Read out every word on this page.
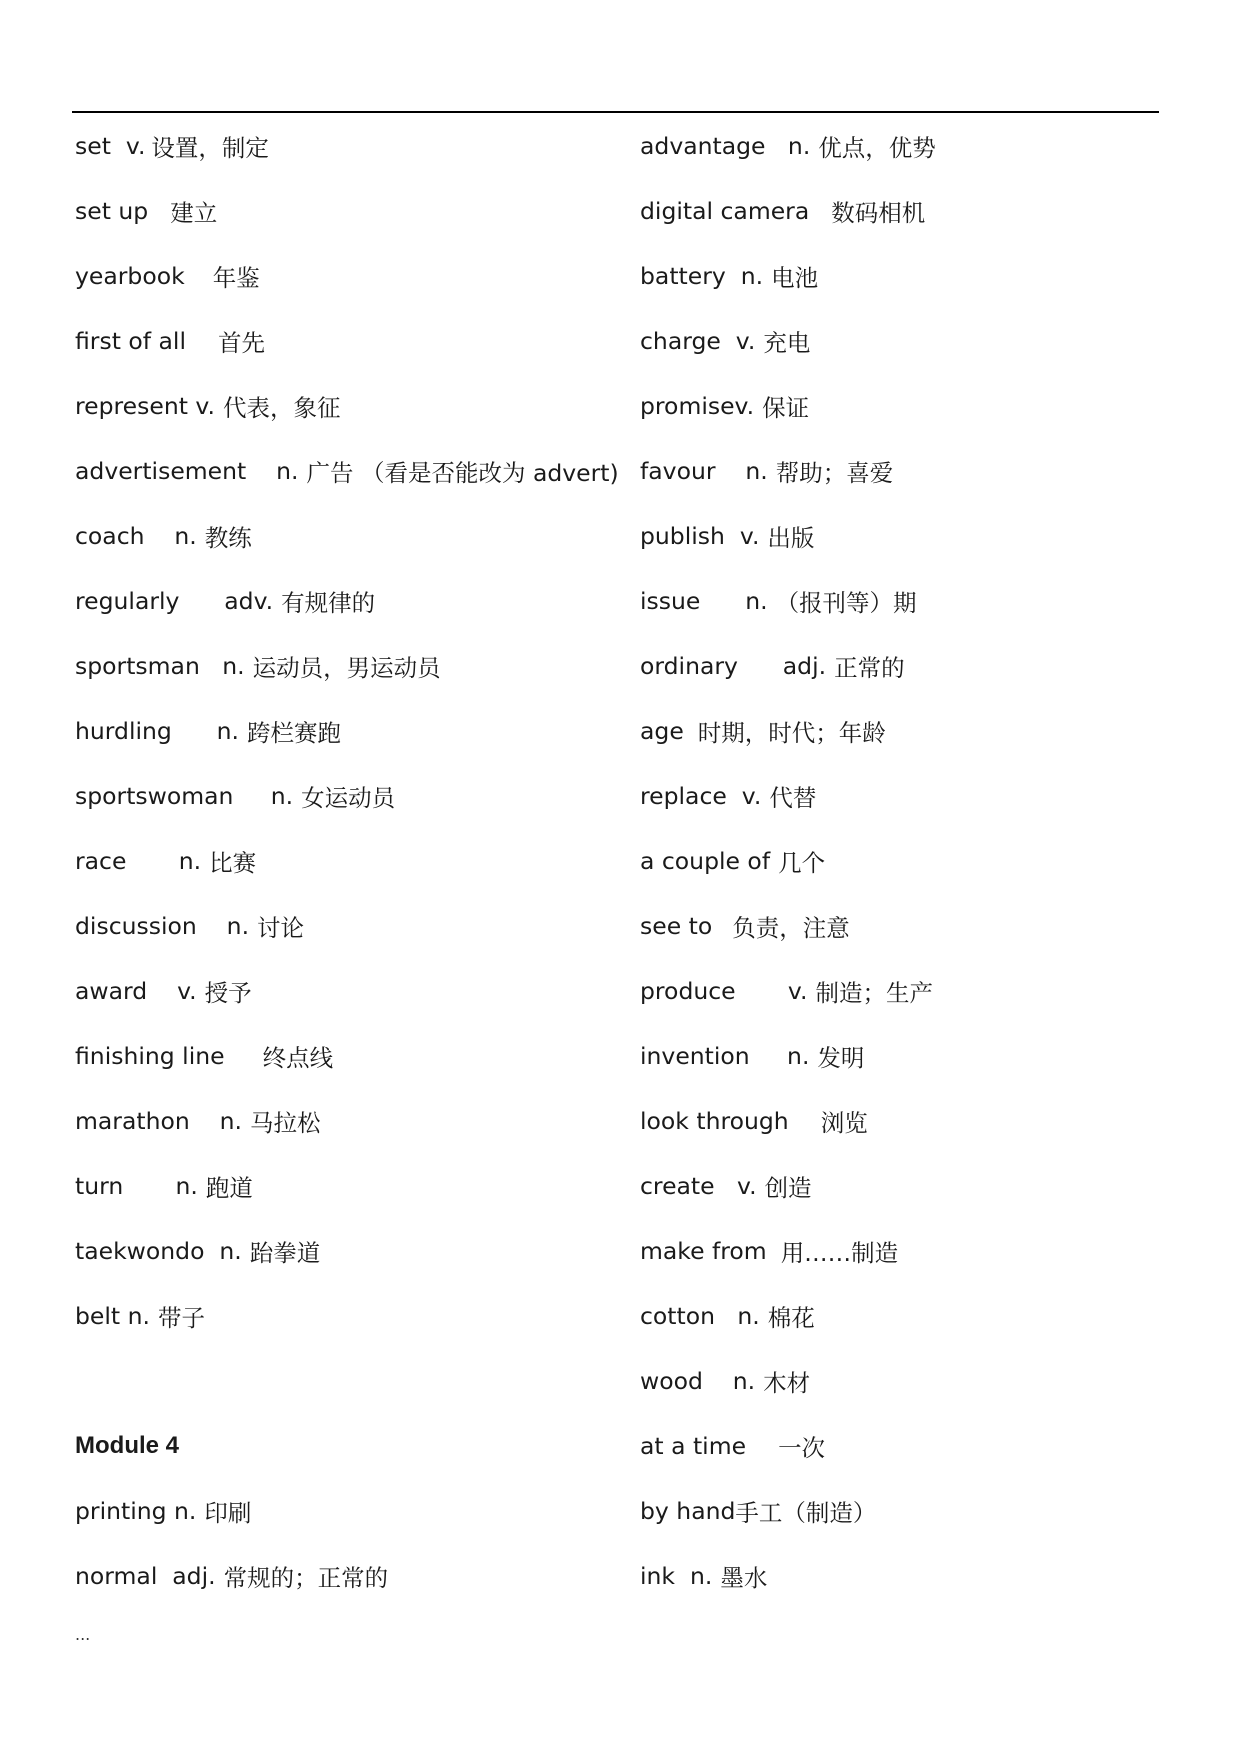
set  v. 设置，制定
set up 建立
yearbook 年鉴
first of all 首先
represent v. 代表，象征
advertisement    n. 广告 （看是否能改为 advert)
coach    n. 教练
regularly      adv. 有规律的
sportsman   n. 运动员，男运动员
hurdling      n. 跨栏赛跑
sportswoman     n. 女运动员
race       n. 比赛
discussion    n. 讨论
award    v. 授予
finishing line 终点线
marathon    n. 马拉松
turn       n. 跑道
taekwondo  n. 跆拳道
belt n. 带子
Module 4
printing n. 印刷
normal  adj. 常规的；正常的
advantage   n. 优点，优势
digital camera 数码相机
battery  n. 电池
charge  v. 充电
promisev. 保证
favour    n. 帮助；喜爱
publish  v. 出版
issue      n. （报刊等）期
ordinary      adj. 正常的
age 时期，时代；年龄
replace  v. 代替
a couple of 几个
see to 负责，注意
produce       v. 制造；生产
invention     n. 发明
look through 浏览
create   v. 创造
make from 用……制造
cotton   n. 棉花
wood    n. 木材
at a time 一次
by hand 手工（制造）
ink  n. 墨水
...
